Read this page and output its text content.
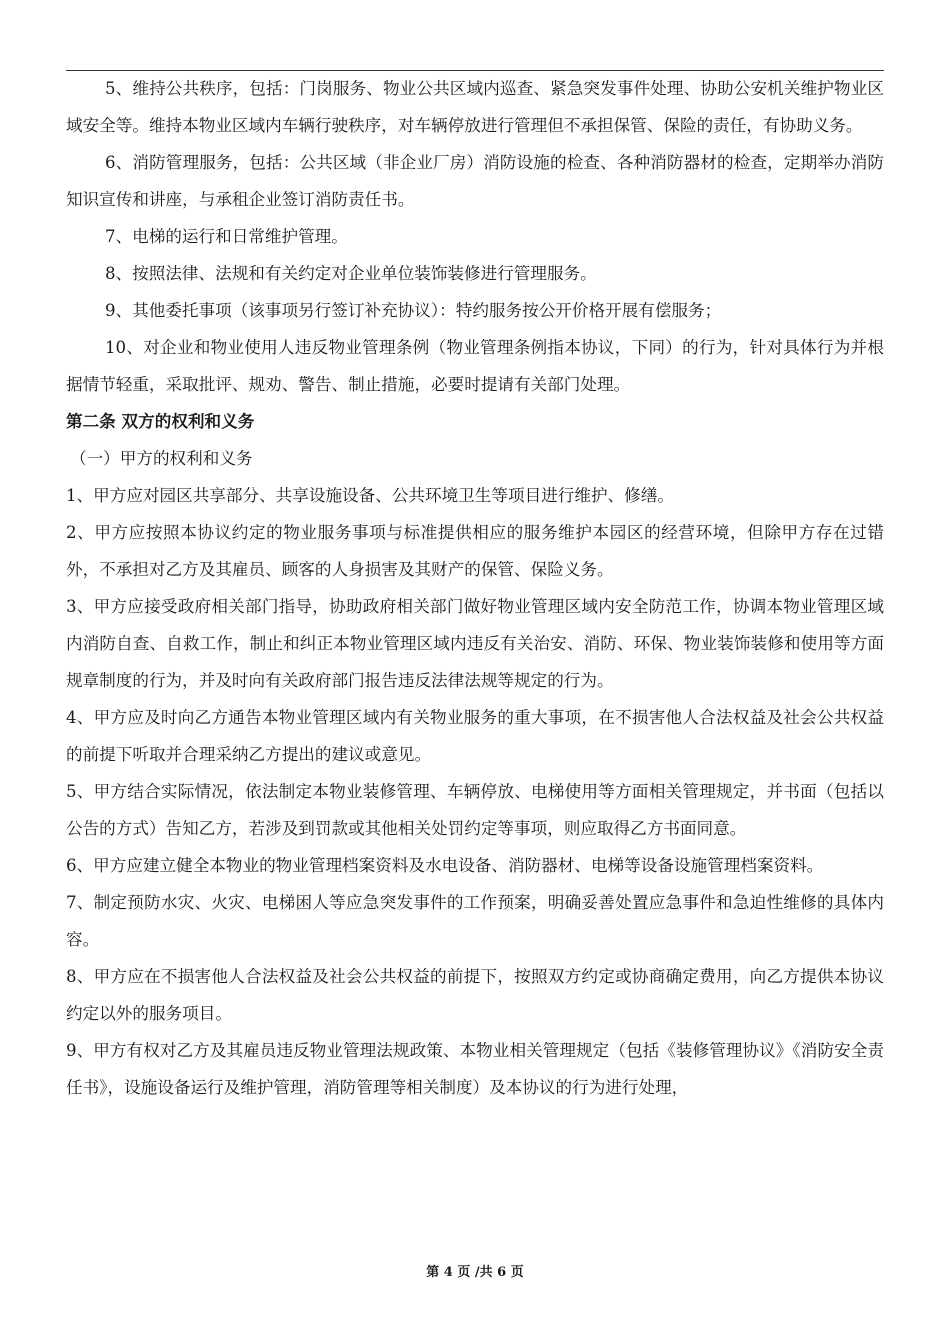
5、维持公共秩序，包括：门岗服务、物业公共区域内巡查、紧急突发事件处理、协助公安机关维护物业区域安全等。维持本物业区域内车辆行驶秩序，对车辆停放进行管理但不承担保管、保险的责任，有协助义务。

6、消防管理服务，包括：公共区域（非企业厂房）消防设施的检查、各种消防器材的检查，定期举办消防知识宣传和讲座，与承租企业签订消防责任书。

7、电梯的运行和日常维护管理。

8、按照法律、法规和有关约定对企业单位装饰装修进行管理服务。

9、其他委托事项（该事项另行签订补充协议）：特约服务按公开价格开展有偿服务；

10、对企业和物业使用人违反物业管理条例（物业管理条例指本协议，下同）的行为，针对具体行为并根据情节轻重，采取批评、规劝、警告、制止措施，必要时提请有关部门处理。

第二条 双方的权利和义务

（一）甲方的权利和义务

1、甲方应对园区共享部分、共享设施设备、公共环境卫生等项目进行维护、修缮。

2、甲方应按照本协议约定的物业服务事项与标准提供相应的服务维护本园区的经营环境，但除甲方存在过错外，不承担对乙方及其雇员、顾客的人身损害及其财产的保管、保险义务。

3、甲方应接受政府相关部门指导，协助政府相关部门做好物业管理区域内安全防范工作，协调本物业管理区域内消防自查、自救工作，制止和纠正本物业管理区域内违反有关治安、消防、环保、物业装饰装修和使用等方面规章制度的行为，并及时向有关政府部门报告违反法律法规等规定的行为。

4、甲方应及时向乙方通告本物业管理区域内有关物业服务的重大事项，在不损害他人合法权益及社会公共权益的前提下听取并合理采纳乙方提出的建议或意见。

5、甲方结合实际情况，依法制定本物业装修管理、车辆停放、电梯使用等方面相关管理规定，并书面（包括以公告的方式）告知乙方，若涉及到罚款或其他相关处罚约定等事项，则应取得乙方书面同意。

6、甲方应建立健全本物业的物业管理档案资料及水电设备、消防器材、电梯等设备设施管理档案资料。

7、制定预防水灾、火灾、电梯困人等应急突发事件的工作预案，明确妥善处置应急事件和急迫性维修的具体内容。

8、甲方应在不损害他人合法权益及社会公共权益的前提下，按照双方约定或协商确定费用，向乙方提供本协议约定以外的服务项目。

9、甲方有权对乙方及其雇员违反物业管理法规政策、本物业相关管理规定（包括《装修管理协议》《消防安全责任书》，设施设备运行及维护管理，消防管理等相关制度）及本协议的行为进行处理，

第 4 页 /共 6 页
